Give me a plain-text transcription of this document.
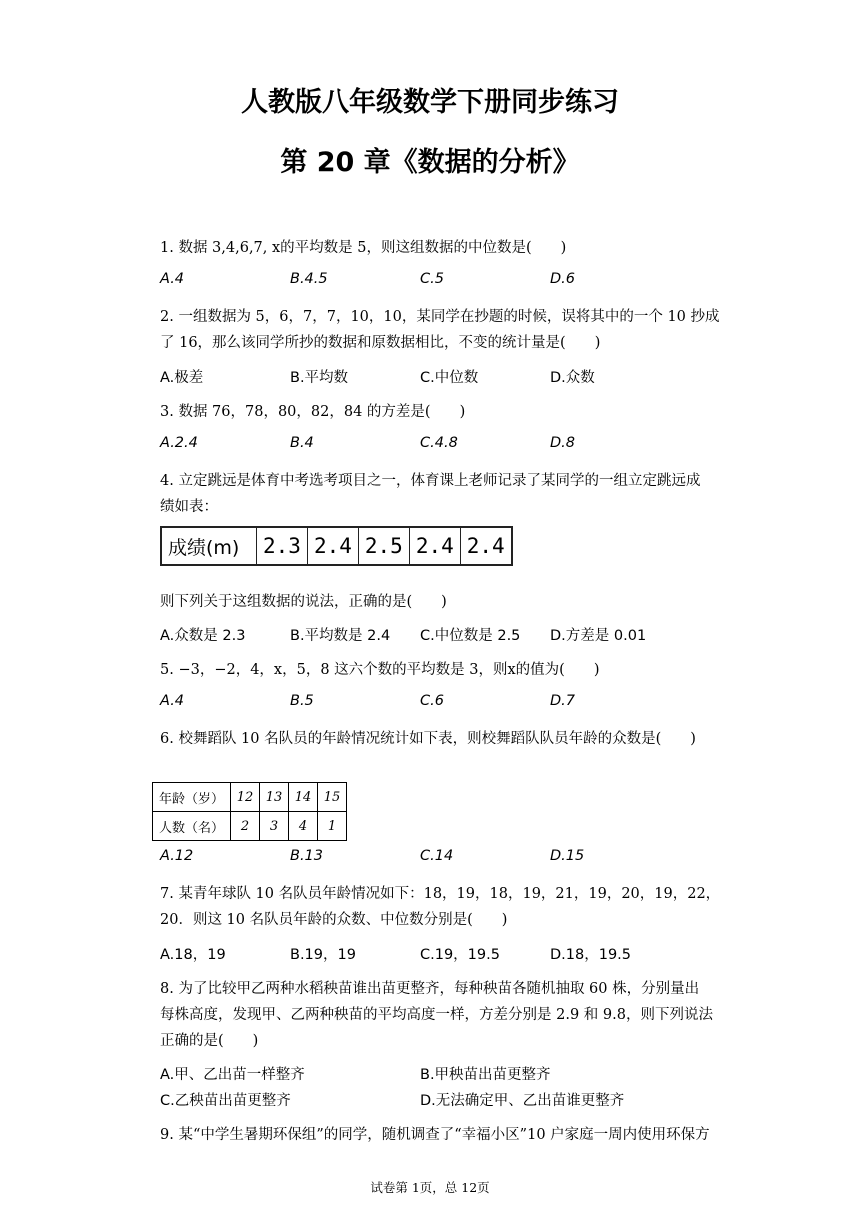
人教版八年级数学下册同步练习
第 20 章《数据的分析》
1. 数据 3,4,6,7, x的平均数是 5，则这组数据的中位数是(　　)
A.4	B.4.5	C.5	D.6
2. 一组数据为 5，6，7，7，10，10，某同学在抄题的时候，误将其中的一个 10 抄成
了 16，那么该同学所抄的数据和原数据相比，不变的统计量是(　　)
A.极差	B.平均数	C.中位数	D.众数
3. 数据 76，78，80，82，84 的方差是(　　)
A.2.4	B.4	C.4.8	D.8
4. 立定跳远是体育中考选考项目之一，体育课上老师记录了某同学的一组立定跳远成
绩如表：
成绩(m)	2.3	2.4	2.5	2.4	2.4
则下列关于这组数据的说法，正确的是(　　)
A.众数是 2.3	B.平均数是 2.4 C.中位数是 2.5 D.方差是 0.01
5. −3，−2，4，x，5，8 这六个数的平均数是 3，则x的值为(　　)
A.4	B.5	C.6	D.7
6. 校舞蹈队 10 名队员的年龄情况统计如下表，则校舞蹈队队员年龄的众数是(　　)
年龄（岁）	12	13	14	15
人数（名）	2	3	4	1
A.12	B.13	C.14	D.15
7. 某青年球队 10 名队员年龄情况如下：18，19，18，19，21，19，20，19，22，
20．则这 10 名队员年龄的众数、中位数分别是(　　)
A.18，19	B.19，19	C.19，19.5	D.18，19.5
8. 为了比较甲乙两种水稻秧苗谁出苗更整齐，每种秧苗各随机抽取 60 株，分别量出
每株高度，发现甲、乙两种秧苗的平均高度一样，方差分别是 2.9 和 9.8，则下列说法
正确的是(　　)
A.甲、乙出苗一样整齐	B.甲秧苗出苗更整齐
C.乙秧苗出苗更整齐	D.无法确定甲、乙出苗谁更整齐
9. 某“中学生暑期环保组”的同学，随机调查了“幸福小区”10 户家庭一周内使用环保方
试卷第 1页，总 12页
